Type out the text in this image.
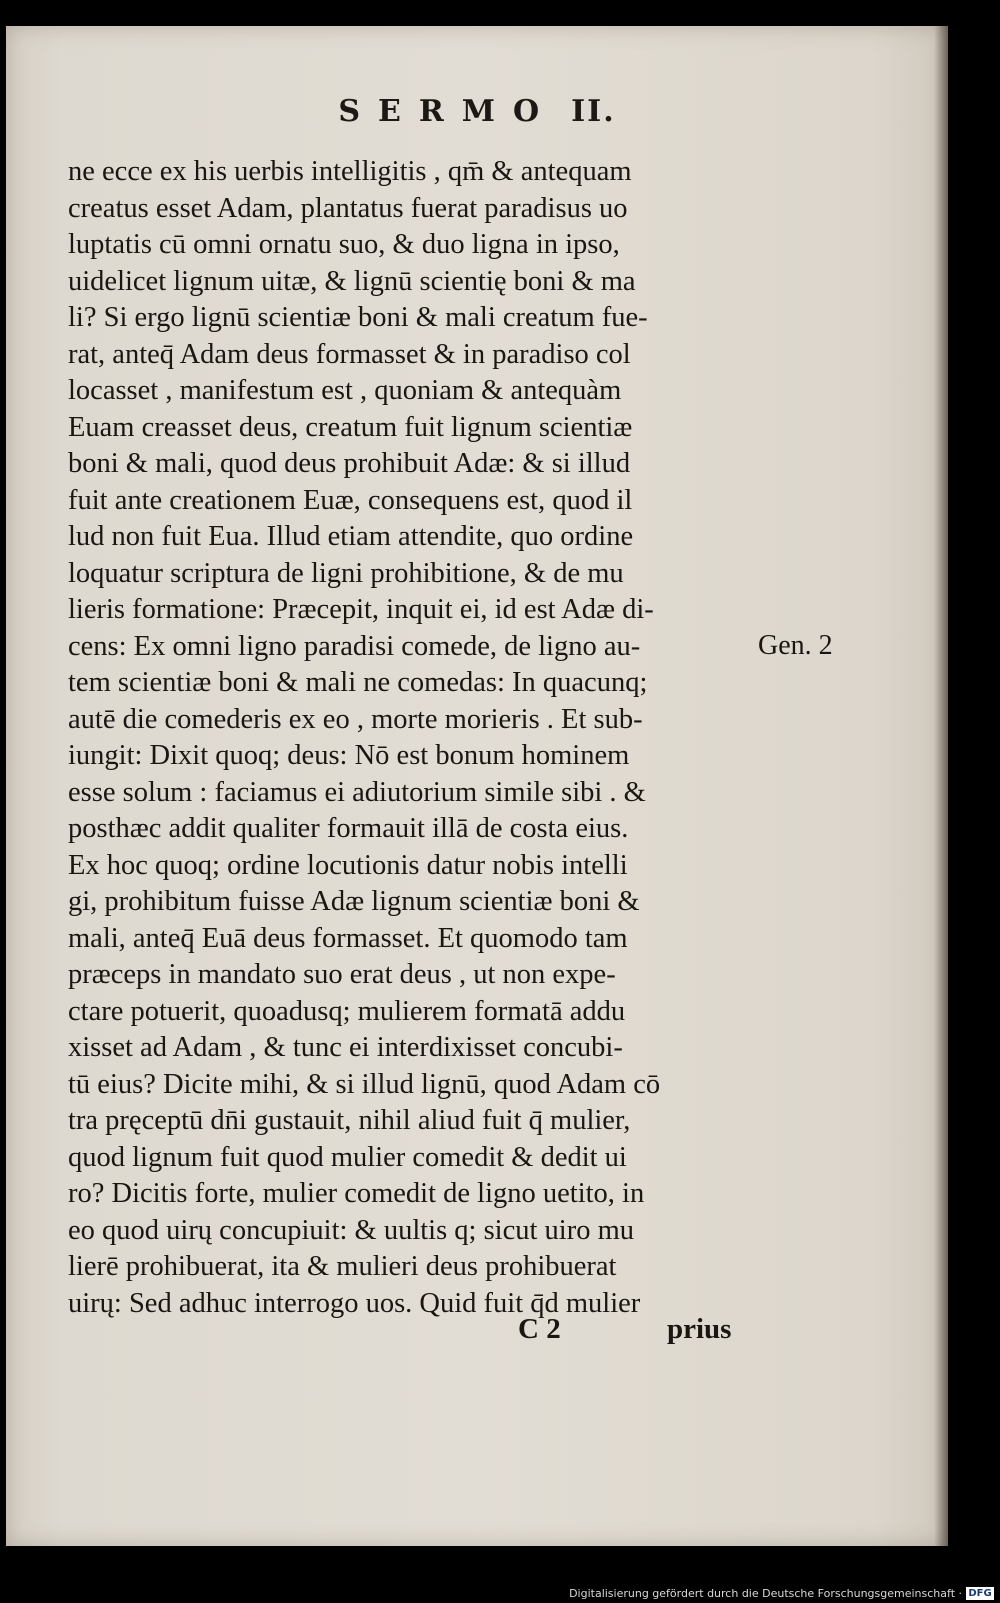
SERMO II.
ne ecce ex his uerbis intelligitis , qm̄ & antequam
creatus esset Adam, plantatus fuerat paradisus uo
luptatis cū omni ornatu suo, & duo ligna in ipso,
uidelicet lignum uitæ, & lignū scientię boni & ma
li? Si ergo lignū scientiæ boni & mali creatum fue-
rat, anteq̄ Adam deus formasset & in paradiso col
locasset , manifestum est , quoniam & antequàm
Euam creasset deus, creatum fuit lignum scientiæ
boni & mali, quod deus prohibuit Adæ: & si illud
fuit ante creationem Euæ, consequens est, quod il
lud non fuit Eua. Illud etiam attendite, quo ordine
loquatur scriptura de ligni prohibitione, & de mu
lieris formatione: Præcepit, inquit ei, id est Adæ di-
cens: Ex omni ligno paradisi comede, de ligno au-
tem scientiæ boni & mali ne comedas: In quacunq;
autē die comederis ex eo , morte morieris . Et sub-
iungit: Dixit quoq; deus: Nō est bonum hominem
esse solum : faciamus ei adiutorium simile sibi . &
posthæc addit qualiter formauit illā de costa eius.
Ex hoc quoq; ordine locutionis datur nobis intelli
gi, prohibitum fuisse Adæ lignum scientiæ boni &
mali, anteq̄ Euā deus formasset. Et quomodo tam
præceps in mandato suo erat deus , ut non expe-
ctare potuerit, quoadusq; mulierem formatā addu
xisset ad Adam , & tunc ei interdixisset concubi-
tū eius? Dicite mihi, & si illud lignū, quod Adam cō
tra pręceptū dn̄i gustauit, nihil aliud fuit q̄ mulier,
quod lignum fuit quod mulier comedit & dedit ui
ro? Dicitis forte, mulier comedit de ligno uetito, in
eo quod uirų concupiuit: & uultis q; sicut uiro mu
lierē prohibuerat, ita & mulieri deus prohibuerat
uirų: Sed adhuc interrogo uos. Quid fuit q̄d mulier
Gen. 2
C 2	prius
Digitalisierung gefördert durch die Deutsche Forschungsgemeinschaft · DFG
